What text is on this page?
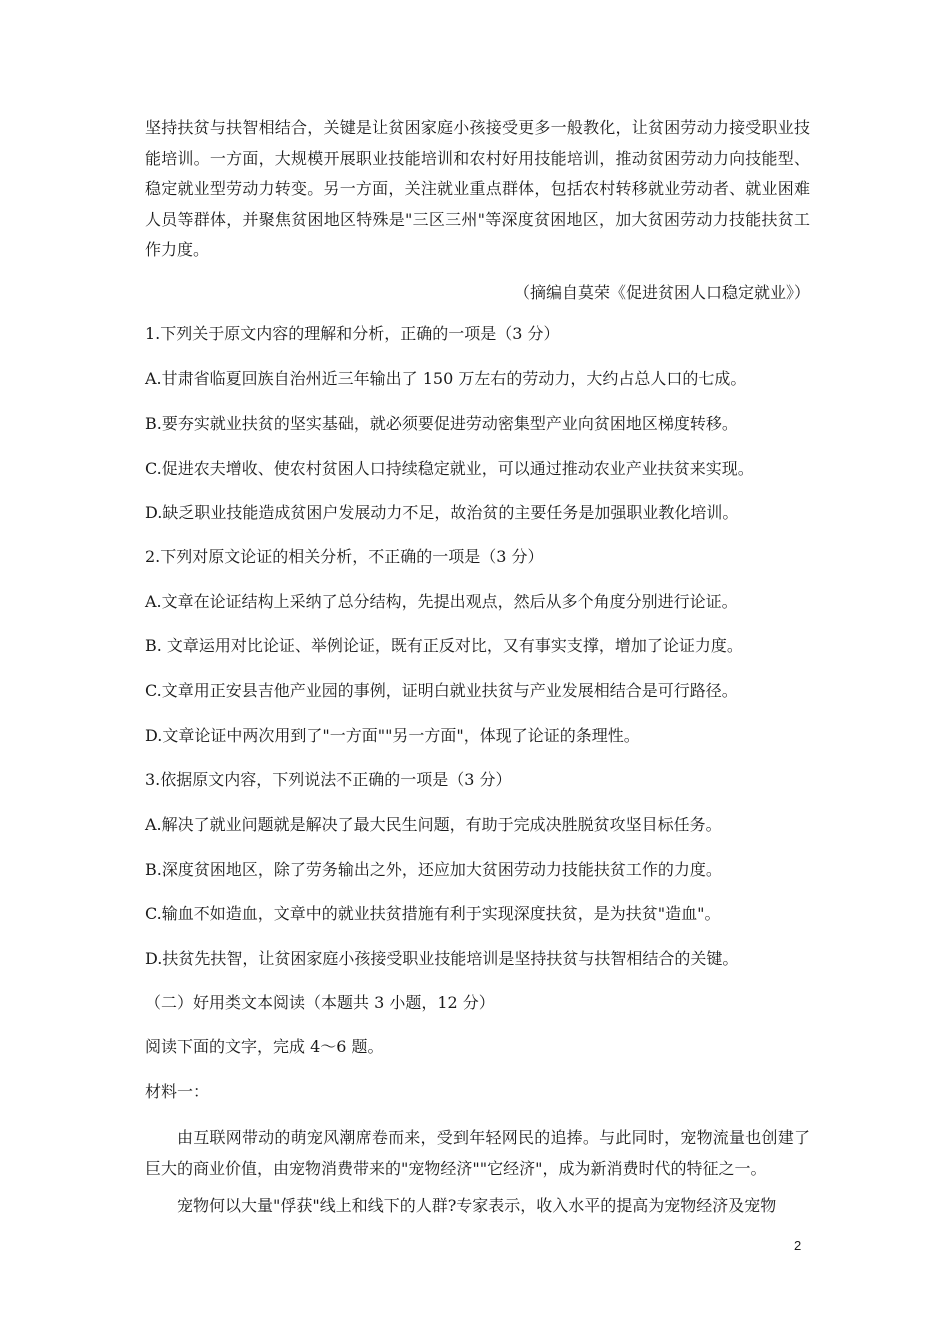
坚持扶贫与扶智相结合，关键是让贫困家庭小孩接受更多一般教化，让贫困劳动力接受职业技能培训。一方面，大规模开展职业技能培训和农村好用技能培训，推动贫困劳动力向技能型、稳定就业型劳动力转变。另一方面，关注就业重点群体，包括农村转移就业劳动者、就业困难人员等群体，并聚焦贫困地区特殊是"三区三州"等深度贫困地区，加大贫困劳动力技能扶贫工作力度。

（摘编自莫荣《促进贫困人口稳定就业》）

1.下列关于原文内容的理解和分析，正确的一项是（3 分）

A.甘肃省临夏回族自治州近三年输出了 150 万左右的劳动力，大约占总人口的七成。

B.要夯实就业扶贫的坚实基础，就必须要促进劳动密集型产业向贫困地区梯度转移。

C.促进农夫增收、使农村贫困人口持续稳定就业，可以通过推动农业产业扶贫来实现。

D.缺乏职业技能造成贫困户发展动力不足，故治贫的主要任务是加强职业教化培训。

2.下列对原文论证的相关分析，不正确的一项是（3 分）

A.文章在论证结构上采纳了总分结构，先提出观点，然后从多个角度分别进行论证。

B. 文章运用对比论证、举例论证，既有正反对比，又有事实支撑，增加了论证力度。

C.文章用正安县吉他产业园的事例，证明白就业扶贫与产业发展相结合是可行路径。

D.文章论证中两次用到了"一方面""另一方面"，体现了论证的条理性。

3.依据原文内容，下列说法不正确的一项是（3 分）

A.解决了就业问题就是解决了最大民生问题，有助于完成决胜脱贫攻坚目标任务。

B.深度贫困地区，除了劳务输出之外，还应加大贫困劳动力技能扶贫工作的力度。

C.输血不如造血，文章中的就业扶贫措施有利于实现深度扶贫，是为扶贫"造血"。

D.扶贫先扶智，让贫困家庭小孩接受职业技能培训是坚持扶贫与扶智相结合的关键。

（二）好用类文本阅读（本题共 3 小题，12 分）

阅读下面的文字，完成 4～6 题。

材料一：

由互联网带动的萌宠风潮席卷而来，受到年轻网民的追捧。与此同时，宠物流量也创建了巨大的商业价值，由宠物消费带来的"宠物经济""它经济"，成为新消费时代的特征之一。

宠物何以大量"俘获"线上和线下的人群?专家表示，收入水平的提高为宠物经济及宠物

2
